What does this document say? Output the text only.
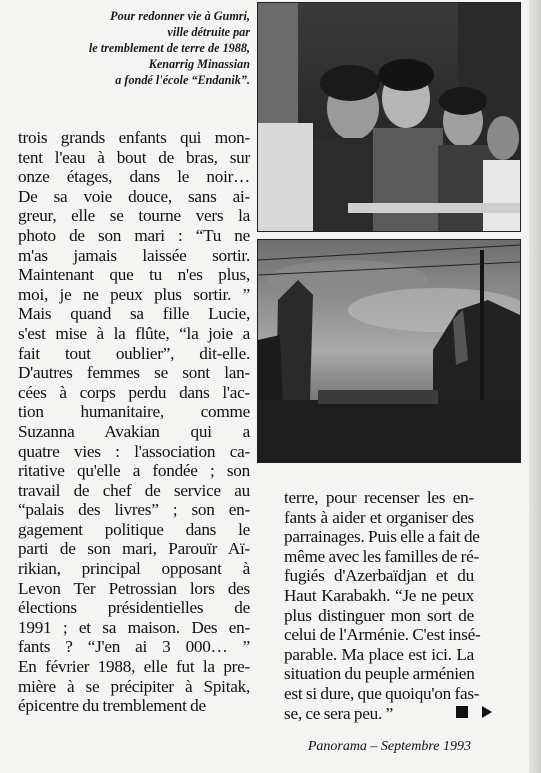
Pour redonner vie à Gumri,
ville détruite par
le tremblement de terre de 1988,
Kenarrig Minassian
a fondé l'école “Endanik”.
trois grands enfants qui mon-
tent l'eau à bout de bras, sur
onze étages, dans le noir…
De sa voie douce, sans ai-
greur, elle se tourne vers la
photo de son mari : “Tu ne
m'as jamais laissée sortir.
Maintenant que tu n'es plus,
moi, je ne peux plus sortir. ”
Mais quand sa fille Lucie,
s'est mise à la flûte, “la joie a
fait tout oublier”, dit-elle.
D'autres femmes se sont lan-
cées à corps perdu dans l'ac-
tion humanitaire, comme
Suzanna Avakian qui a
quatre vies : l'association ca-
ritative qu'elle a fondée ; son
travail de chef de service au
“palais des livres” ; son en-
gagement politique dans le
parti de son mari, Parouïr Aï-
rikian, principal opposant à
Levon Ter Petrossian lors des
élections présidentielles de
1991 ; et sa maison. Des en-
fants ? “J'en ai 3 000… ”
En février 1988, elle fut la pre-
mière à se précipiter à Spitak,
épicentre du tremblement de
terre, pour recenser les en-
fants à aider et organiser des
parrainages. Puis elle a fait de
même avec les familles de ré-
fugiés d'Azerbaïdjan et du
Haut Karabakh. “Je ne peux
plus distinguer mon sort de
celui de l'Arménie. C'est insé-
parable. Ma place est ici. La
situation du peuple arménien
est si dure, que quoiqu'on fas-
se, ce sera peu. ”
Panorama – Septembre 1993
